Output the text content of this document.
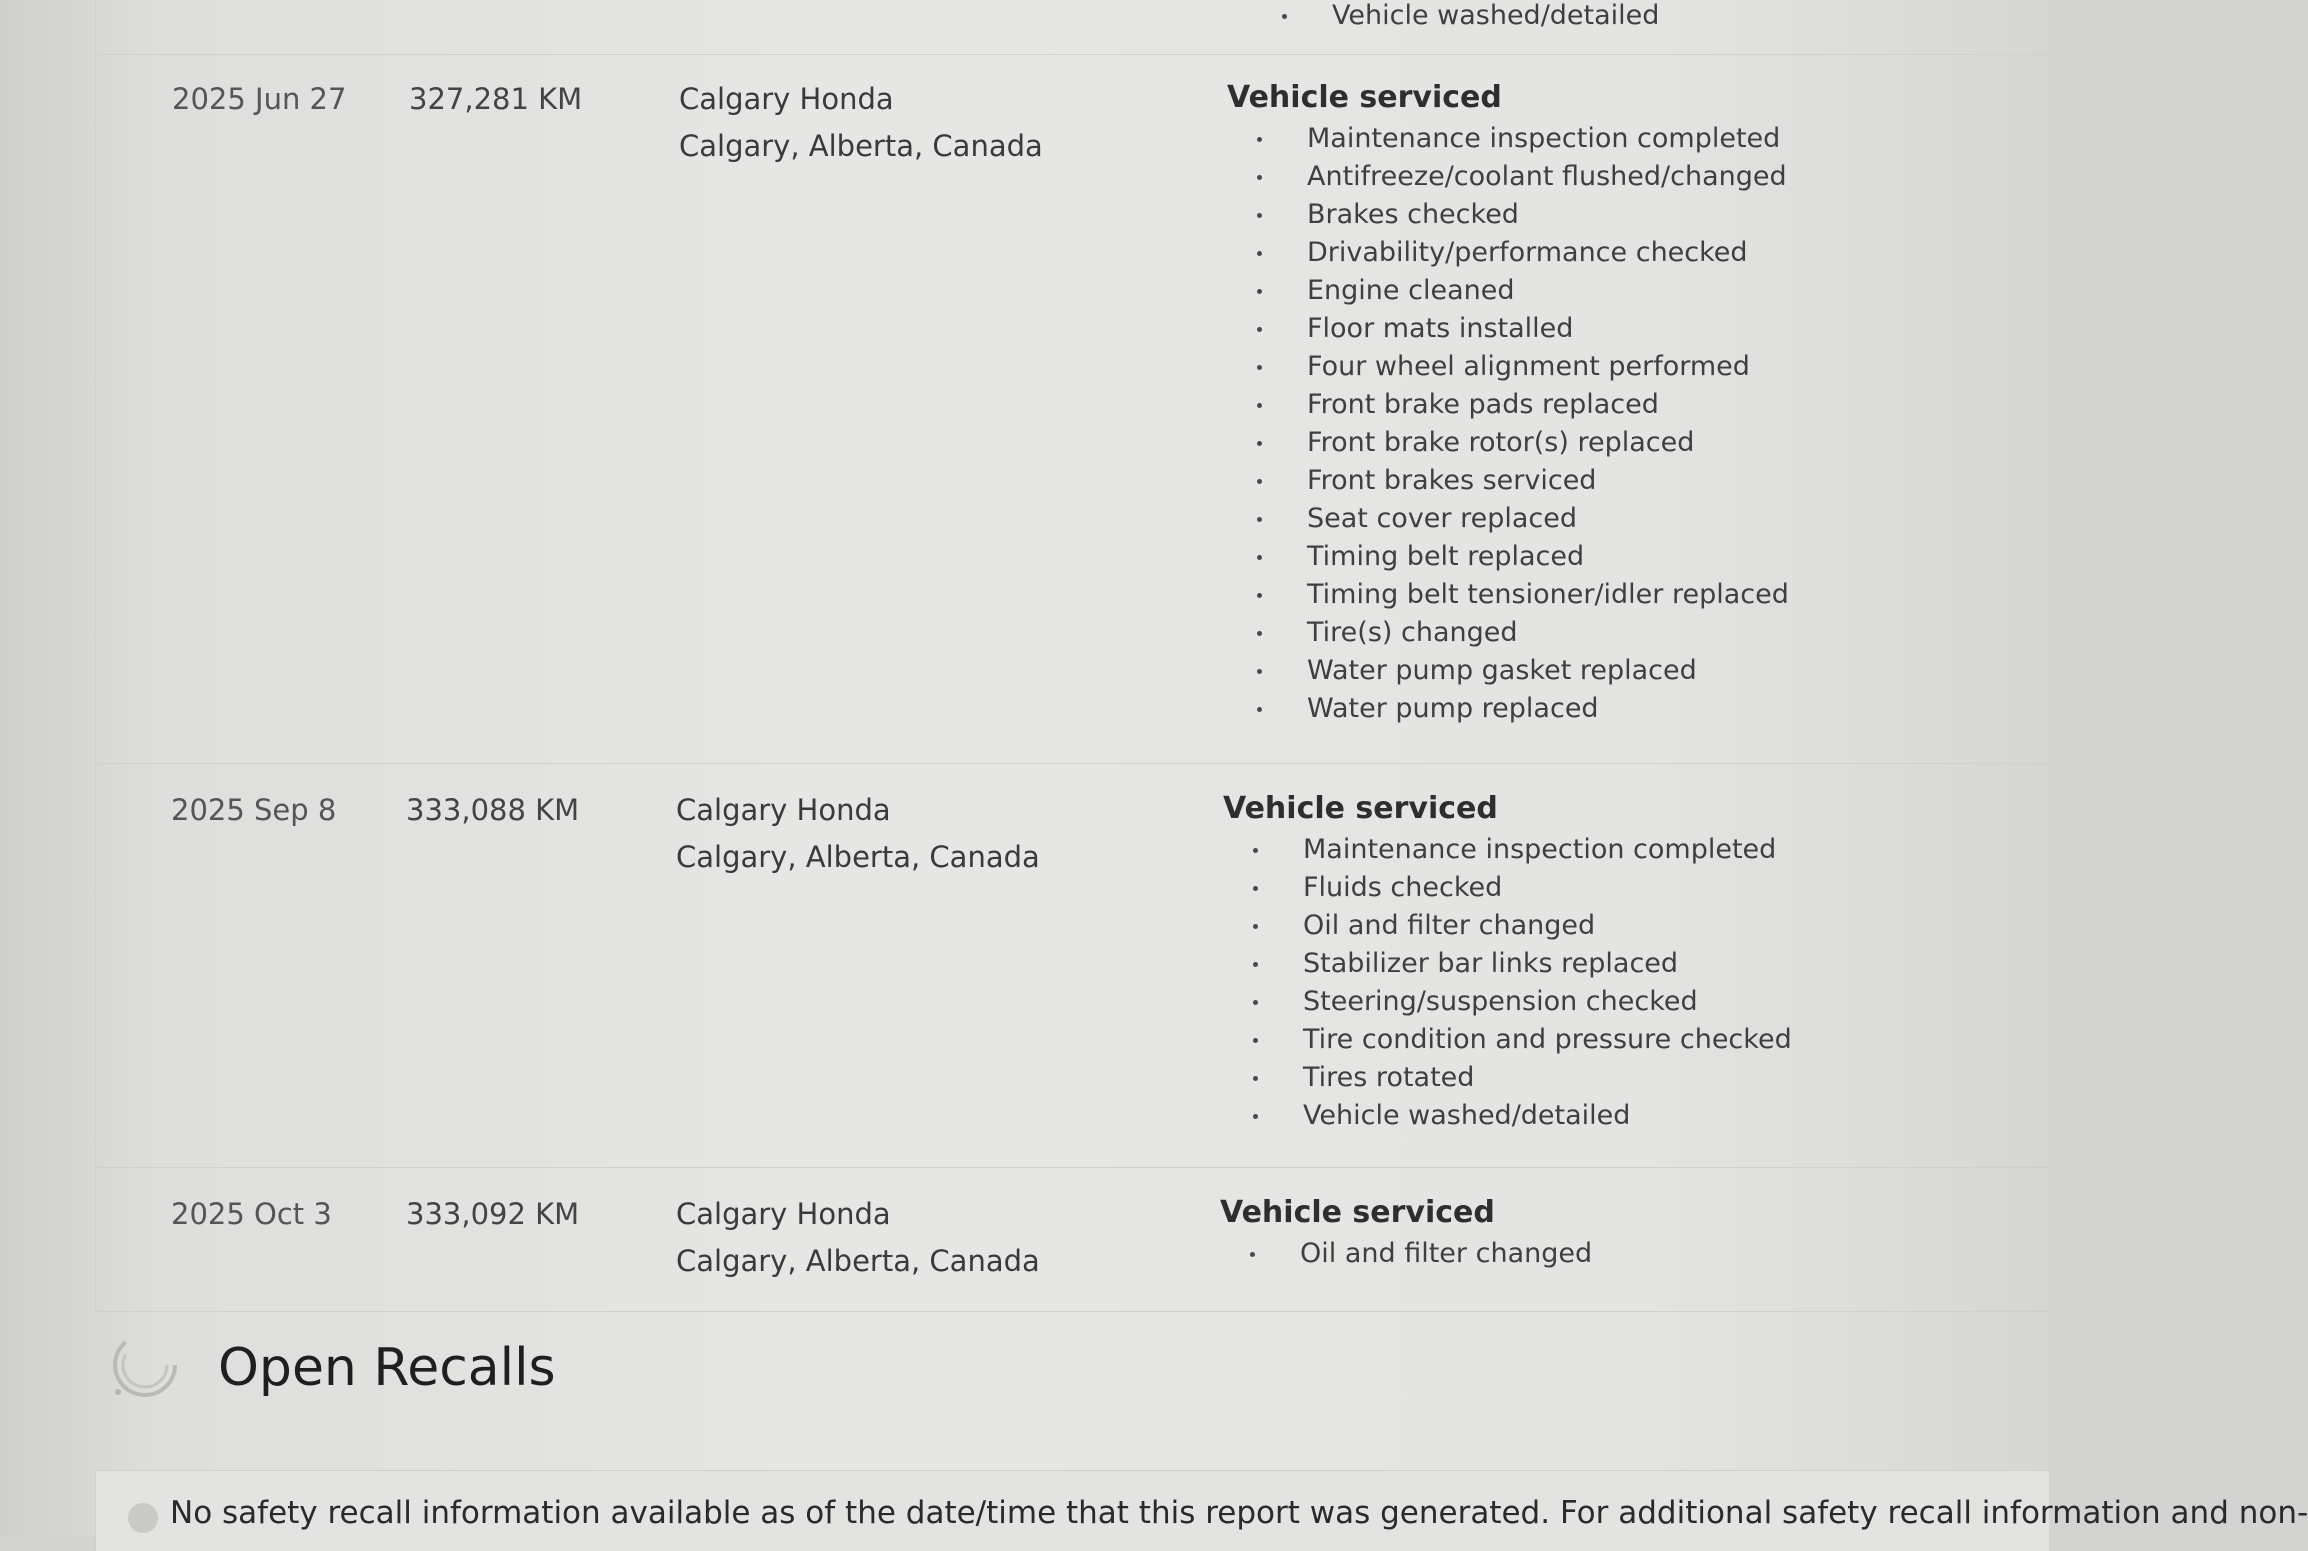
Vehicle washed/detailed
2025 Jun 27 327,281 KM	Calgary Honda
Calgary, Alberta, Canada
Vehicle serviced
Maintenance inspection completed
Antifreeze/coolant flushed/changed
Brakes checked
Drivability/performance checked
Engine cleaned
Floor mats installed
Four wheel alignment performed
Front brake pads replaced
Front brake rotor(s) replaced
Front brakes serviced
Seat cover replaced
Timing belt replaced
Timing belt tensioner/idler replaced
Tire(s) changed
Water pump gasket replaced
Water pump replaced
2025 Sep 8 333,088 KM	Calgary Honda
Calgary, Alberta, Canada
Vehicle serviced
Maintenance inspection completed
Fluids checked
Oil and filter changed
Stabilizer bar links replaced
Steering/suspension checked
Tire condition and pressure checked
Tires rotated
Vehicle washed/detailed
2025 Oct 3	333,092 KM	Calgary Honda
Calgary, Alberta, Canada
Vehicle serviced
Oil and filter changed
Open Recalls
No safety recall information available as of the date/time that this report was generated. For additional safety recall information and non-
